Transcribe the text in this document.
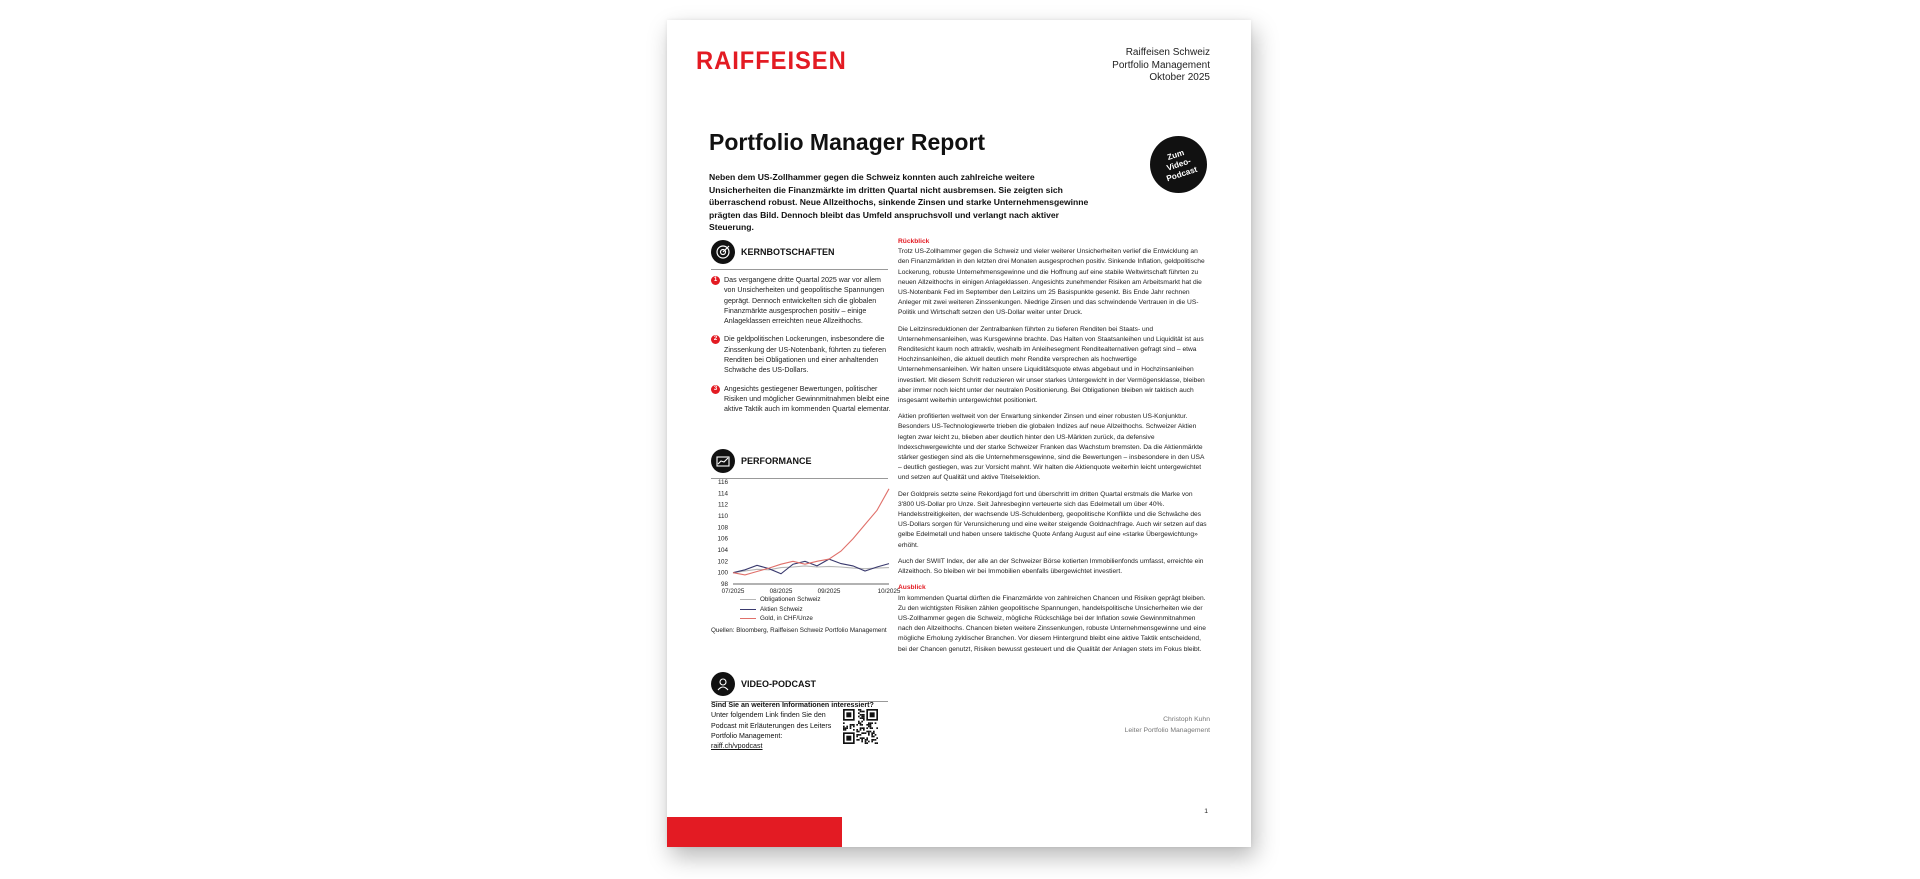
RAIFFEISEN	Raiffeisen Schweiz
Portfolio Management
Oktober 2025
Portfolio Manager Report
Neben dem US-Zollhammer gegen die Schweiz konnten auch zahlreiche weitere Unsicherheiten die Finanzmärkte im dritten Quartal nicht ausbremsen. Sie zeigten sich überraschend robust. Neue Allzeithochs, sinkende Zinsen und starke Unternehmensgewinne prägten das Bild. Dennoch bleibt das Umfeld anspruchsvoll und verlangt nach aktiver Steuerung.
Zum
Video-
Podcast
KERNBOTSCHAFTEN
1 Das vergangene dritte Quartal 2025 war vor allem von Unsicherheiten und geopolitische Spannungen geprägt. Dennoch entwickelten sich die globalen Finanzmärkte ausgesprochen positiv – einige Anlageklassen erreichten neue Allzeithochs.
2 Die geldpolitischen Lockerungen, insbesondere die Zinssenkung der US-Notenbank, führten zu tieferen Renditen bei Obligationen und einer anhaltenden Schwäche des US-Dollars.
3 Angesichts gestiegener Bewertungen, politischer Risiken und möglicher Gewinnmitnahmen bleibt eine aktive Taktik auch im kommenden Quartal elementar.
PERFORMANCE
98
100
102
104
106
108
110
112
114
116
07/2025	08/2025	09/2025	10/2025
Obligationen Schweiz
Aktien Schweiz
Gold, in CHF/Unze
Quellen: Bloomberg, Raiffeisen Schweiz Portfolio Management
VIDEO-PODCAST
Sind Sie an weiteren Informationen interessiert?
Unter folgendem Link finden Sie den Podcast mit Erläuterungen des Leiters Portfolio Management:
raiff.ch/vpodcast
Rückblick

Trotz US-Zollhammer gegen die Schweiz und vieler weiterer Unsicherheiten verlief die Entwicklung an den Finanzmärkten in den letzten drei Monaten ausgesprochen positiv. Sinkende Inflation, geldpolitische Lockerung, robuste Unternehmensgewinne und die Hoffnung auf eine stabile Weltwirtschaft führten zu neuen Allzeithochs in einigen Anlageklassen. Angesichts zunehmender Risiken am Arbeitsmarkt hat die US-Notenbank Fed im September den Leitzins um 25 Basispunkte gesenkt. Bis Ende Jahr rechnen Anleger mit zwei weiteren Zinssenkungen. Niedrige Zinsen und das schwindende Vertrauen in die US-Politik und Wirtschaft setzen den US-Dollar weiter unter Druck.

Die Leitzinsreduktionen der Zentralbanken führten zu tieferen Renditen bei Staats- und Unternehmensanleihen, was Kursgewinne brachte. Das Halten von Staatsanleihen und Liquidität ist aus Renditesicht kaum noch attraktiv, weshalb im Anleihesegment Renditealternativen gefragt sind – etwa Hochzinsanleihen, die aktuell deutlich mehr Rendite versprechen als hochwertige Unternehmensanleihen. Wir halten unsere Liquiditätsquote etwas abgebaut und in Hochzinsanleihen investiert. Mit diesem Schritt reduzieren wir unser starkes Untergewicht in der Vermögensklasse, bleiben aber immer noch leicht unter der neutralen Positionierung. Bei Obligationen bleiben wir taktisch auch insgesamt weiterhin untergewichtet positioniert.

Aktien profitierten weltweit von der Erwartung sinkender Zinsen und einer robusten US-Konjunktur. Besonders US-Technologiewerte trieben die globalen Indizes auf neue Allzeithochs. Schweizer Aktien legten zwar leicht zu, blieben aber deutlich hinter den US-Märkten zurück, da defensive Indexschwergewichte und der starke Schweizer Franken das Wachstum bremsten. Da die Aktienmärkte stärker gestiegen sind als die Unternehmensgewinne, sind die Bewertungen – insbesondere in den USA – deutlich gestiegen, was zur Vorsicht mahnt. Wir halten die Aktienquote weiterhin leicht untergewichtet und setzen auf Qualität und aktive Titelselektion.

Der Goldpreis setzte seine Rekordjagd fort und überschritt im dritten Quartal erstmals die Marke von 3'800 US-Dollar pro Unze. Seit Jahresbeginn verteuerte sich das Edelmetall um über 40%. Handelsstreitigkeiten, der wachsende US-Schuldenberg, geopolitische Konflikte und die Schwäche des US-Dollars sorgen für Verunsicherung und eine weiter steigende Goldnachfrage. Auch wir setzen auf das gelbe Edelmetall und haben unsere taktische Quote Anfang August auf eine «starke Übergewichtung» erhöht.

Auch der SWIIT Index, der alle an der Schweizer Börse kotierten Immobilienfonds umfasst, erreichte ein Allzeithoch. So bleiben wir bei Immobilien ebenfalls übergewichtet investiert.

Ausblick

Im kommenden Quartal dürften die Finanzmärkte von zahlreichen Chancen und Risiken geprägt bleiben. Zu den wichtigsten Risiken zählen geopolitische Spannungen, handelspolitische Unsicherheiten wie der US-Zollhammer gegen die Schweiz, mögliche Rückschläge bei der Inflation sowie Gewinnmitnahmen nach den Allzeithochs. Chancen bieten weitere Zinssenkungen, robuste Unternehmensgewinne und eine mögliche Erholung zyklischer Branchen. Vor diesem Hintergrund bleibt eine aktive Taktik entscheidend, bei der Chancen genutzt, Risiken bewusst gesteuert und die Qualität der Anlagen stets im Fokus bleibt.

Christoph Kuhn
Leiter Portfolio Management
1
